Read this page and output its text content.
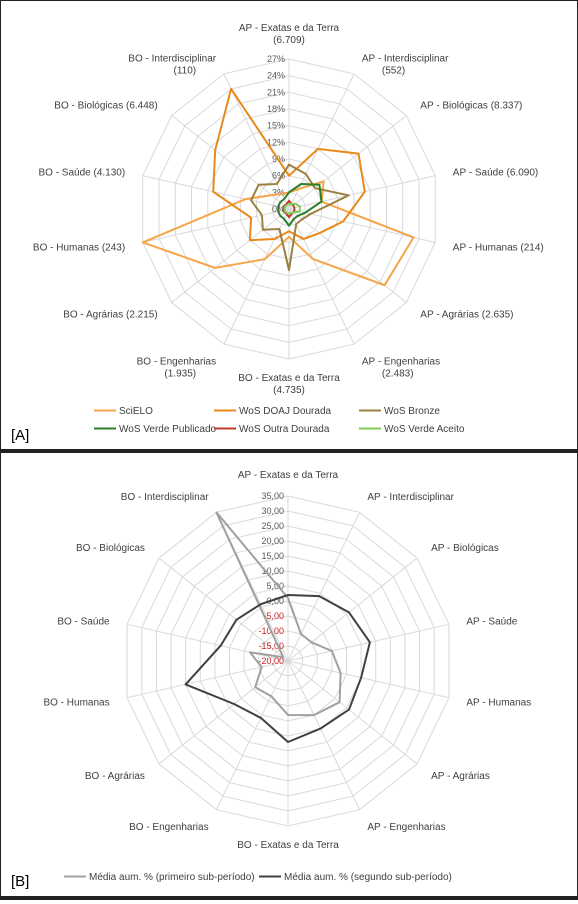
0%
3%
6%
9%
12%
15%
18%
21%
24%
27%
AP - Exatas e da Terra (6.709)
AP - Interdisciplinar (552)
AP - Biológicas (8.337)
AP - Saúde (6.090)
AP - Humanas (214)
AP - Agrárias (2.635)
AP - Engenharias (2.483)
BO - Exatas e da Terra (4.735)
BO - Engenharias (1.935)
BO - Agrárias (2.215)
BO - Humanas (243)
BO - Saúde (4.130)
BO - Biológicas (6.448)
BO - Interdisciplinar (110)
SciELO	WoS DOAJ Dourada	WoS Bronze
WoS Verde Publicado WoS Outra Dourada	WoS Verde Aceito
[A]
35,00
30,00
25,00
20,00
15,00
10,00
5,00
0,00
-5,00
-10,00
-15,00
-20,00
AP - Exatas e da Terra
AP - Interdisciplinar
AP - Biológicas
AP - Saúde
AP - Humanas
AP - Agrárias
AP - Engenharias
BO - Exatas e da Terra
BO - Engenharias
BO - Agrárias
BO - Humanas
BO - Saúde
BO - Biológicas
BO - Interdisciplinar
Média aum. % (primeiro sub-período)	Média aum. % (segundo sub-período)
[B]
